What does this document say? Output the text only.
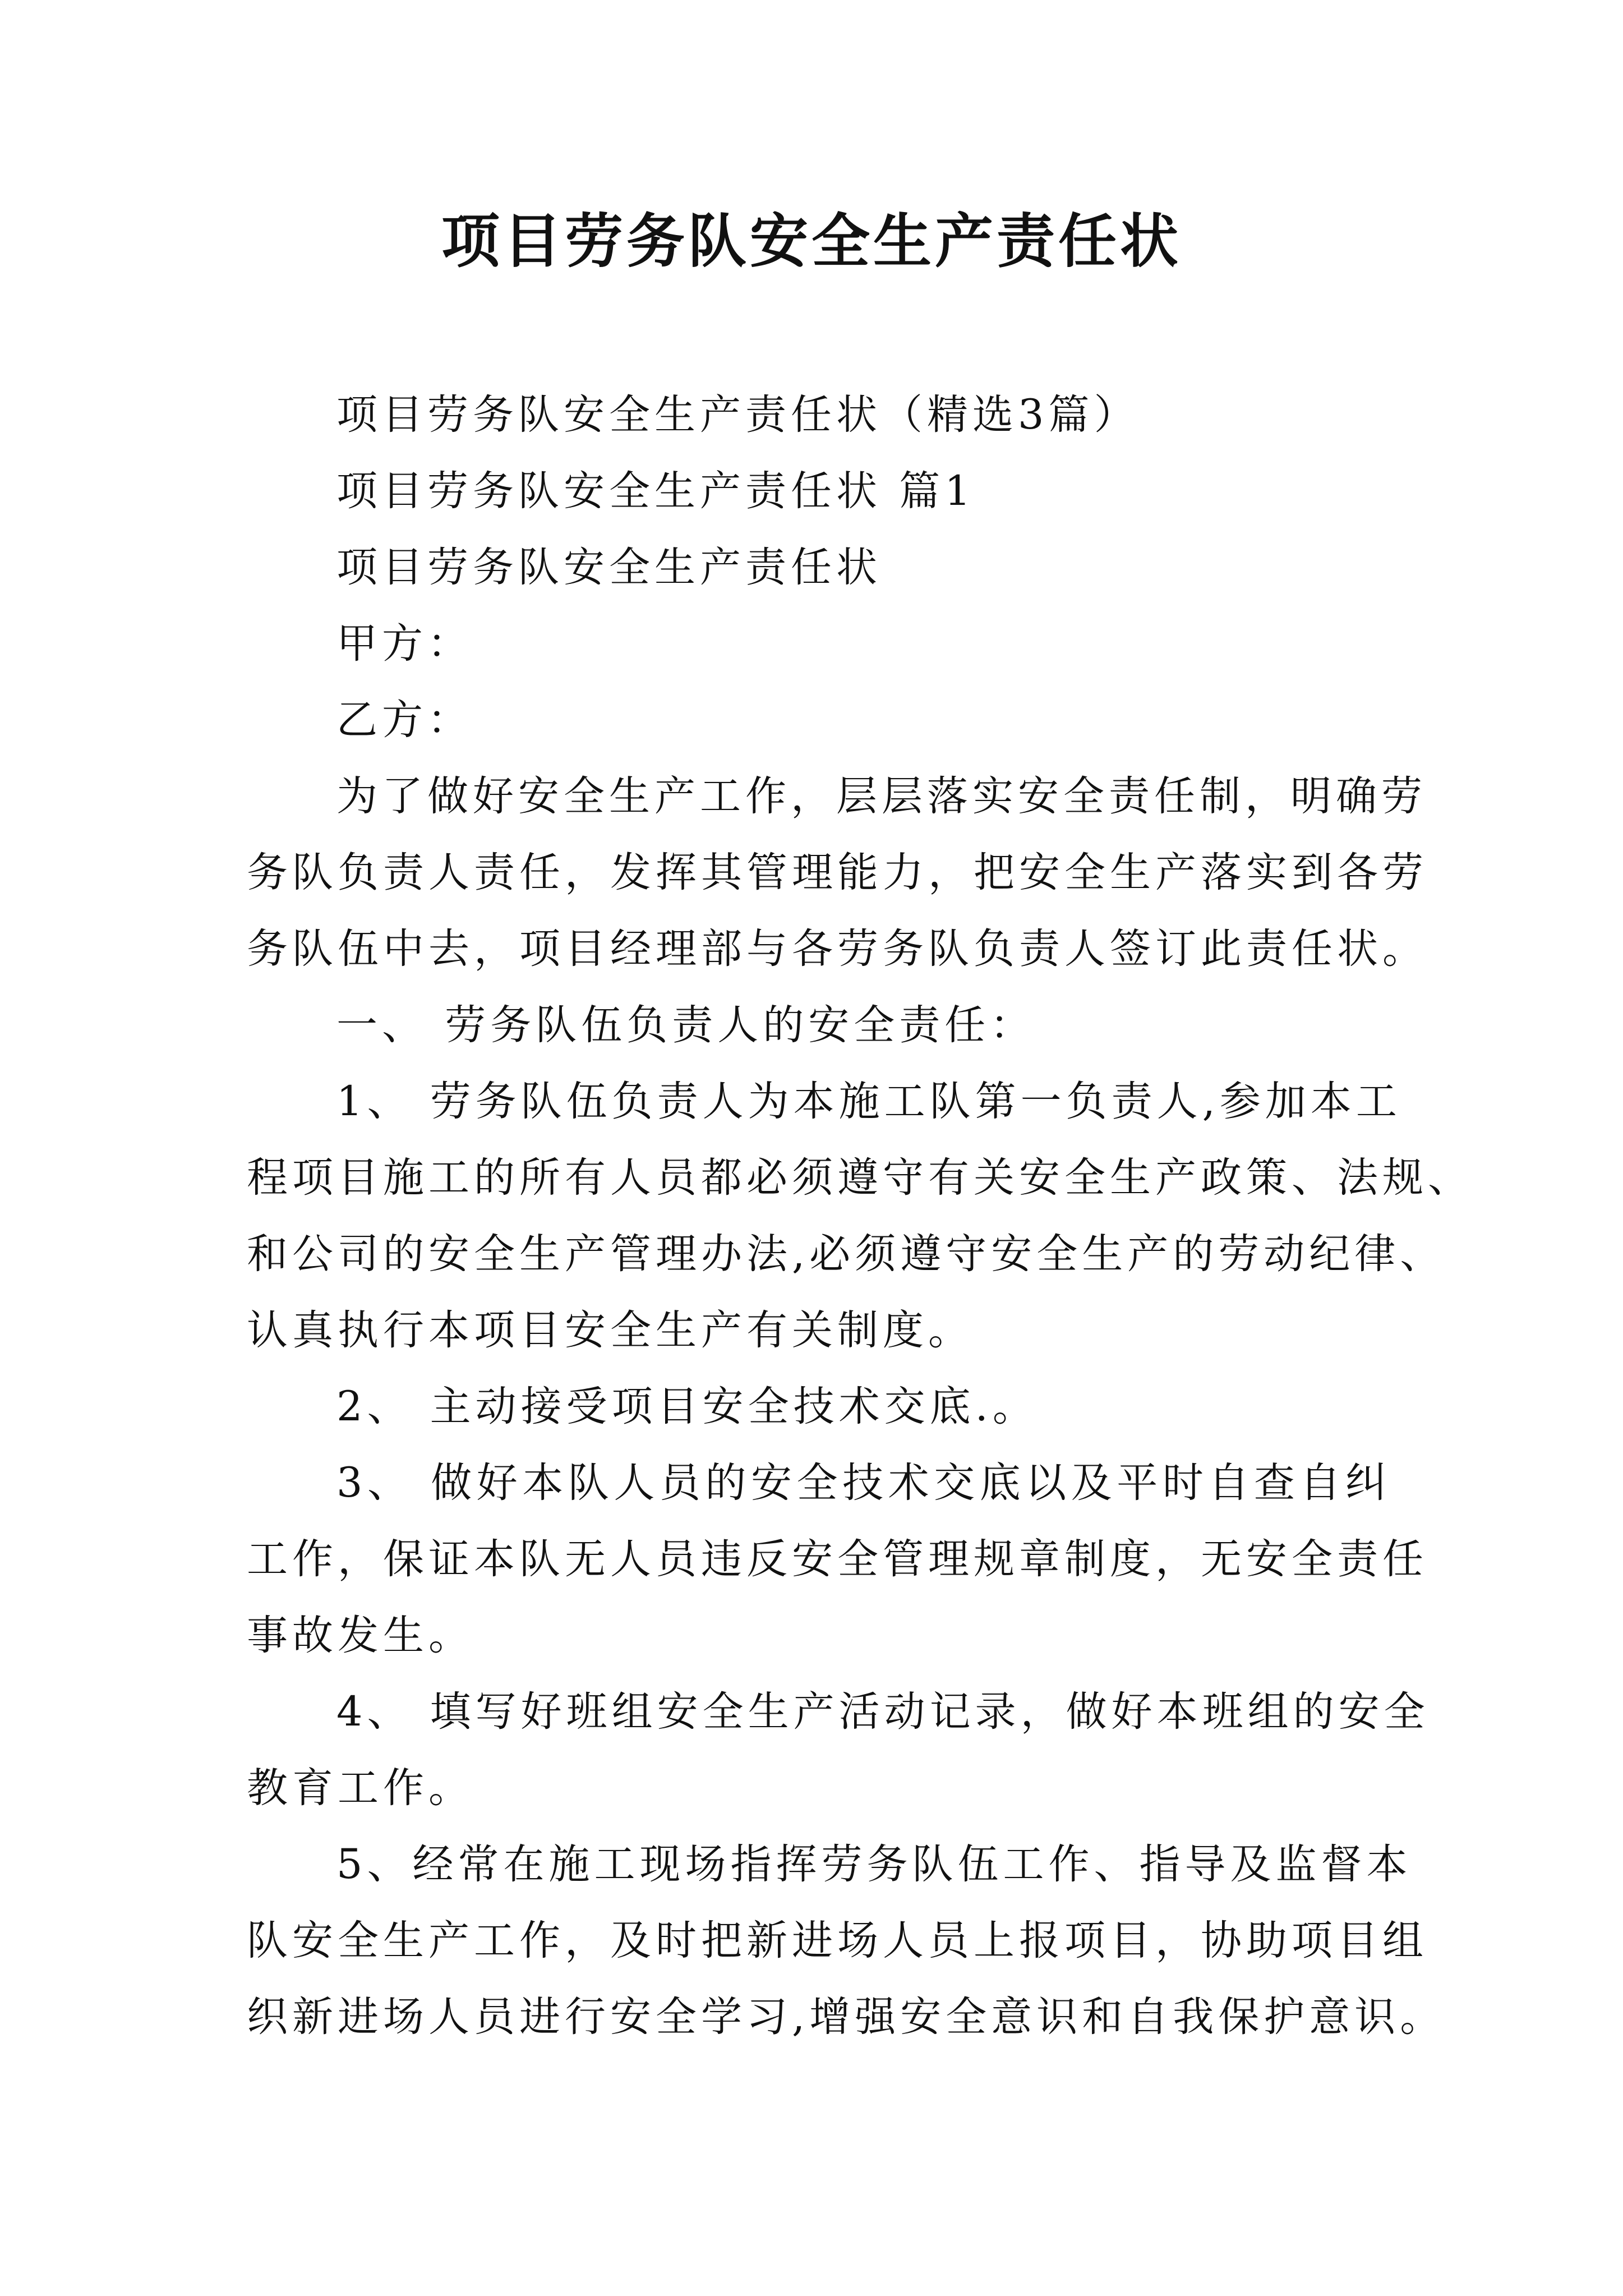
项目劳务队安全生产责任状
项目劳务队安全生产责任状（精选3篇）
项目劳务队安全生产责任状 篇1
项目劳务队安全生产责任状
甲方：
乙方：
为了做好安全生产工作，层层落实安全责任制，明确劳
务队负责人责任，发挥其管理能力，把安全生产落实到各劳
务队伍中去，项目经理部与各劳务队负责人签订此责任状。
一、 劳务队伍负责人的安全责任：
1、 劳务队伍负责人为本施工队第一负责人,参加本工
程项目施工的所有人员都必须遵守有关安全生产政策、法规、
和公司的安全生产管理办法,必须遵守安全生产的劳动纪律、
认真执行本项目安全生产有关制度。
2、 主动接受项目安全技术交底.。
3、 做好本队人员的安全技术交底以及平时自查自纠
工作，保证本队无人员违反安全管理规章制度，无安全责任
事故发生。
4、 填写好班组安全生产活动记录，做好本班组的安全
教育工作。
5、经常在施工现场指挥劳务队伍工作、指导及监督本
队安全生产工作，及时把新进场人员上报项目，协助项目组
织新进场人员进行安全学习,增强安全意识和自我保护意识。
